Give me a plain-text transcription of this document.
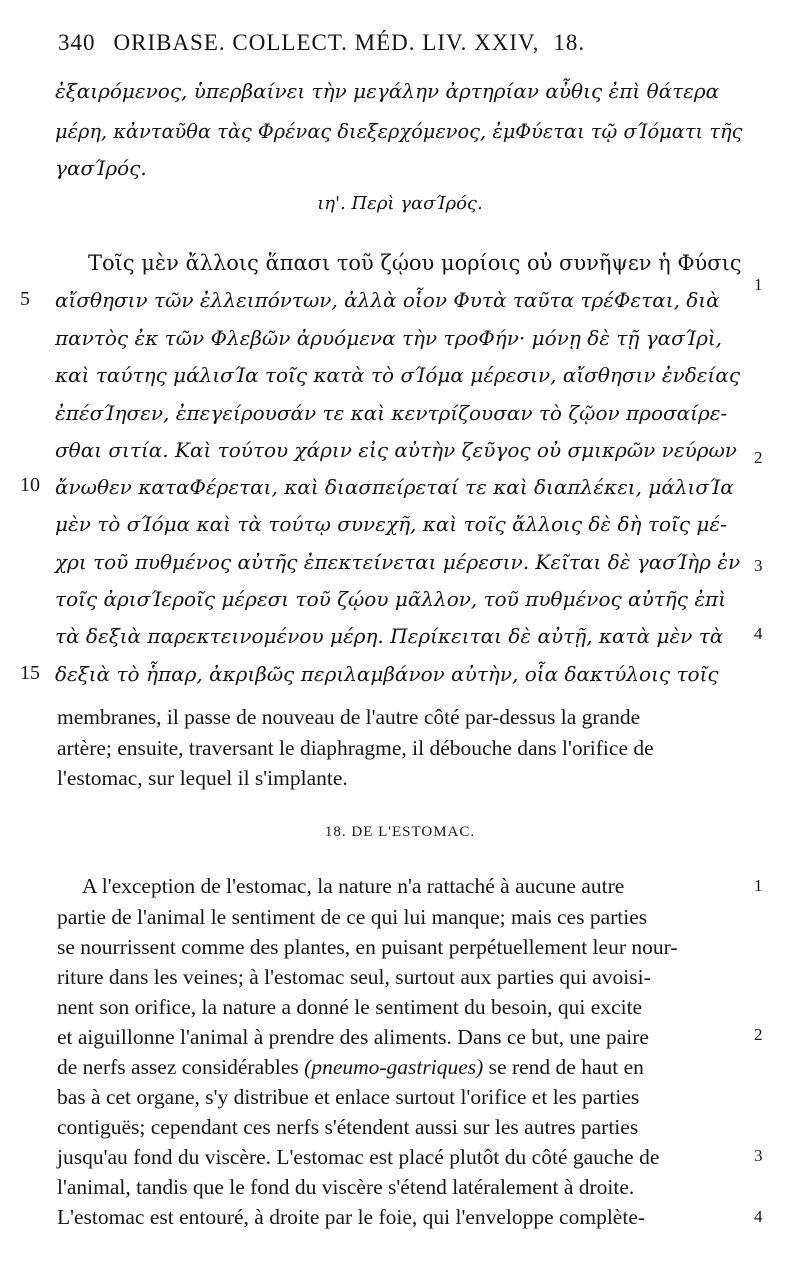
340 ORIBASE. COLLECT. MÉD. LIV. XXIV, 18.
ἐξαιρόμενος, ὑπερβαίνει τὴν μεγάλην ἀρτηρίαν αὖθις ἐπὶ θάτερα
μέρη, κἀνταῦθα τὰς Φρένας διεξερχόμενος, ἐμΦύεται τῷ σΊόματι τῆς
γασΊρός.
ιη'. Περὶ γασΊρός.
Τοῖς μὲν ἄλλοις ἅπασι τοῦ ζῴου μορίοις οὐ συνῆψεν ἡ Φύσις
αἴσθησιν τῶν ἐλλειπόντων, ἀλλὰ οἷον Φυτὰ ταῦτα τρέΦεται, διὰ
παντὸς ἐκ τῶν Φλεβῶν ἀρυόμενα τὴν τροΦήν· μόνῃ δὲ τῇ γασΊρὶ,
καὶ ταύτης μάλισΊα τοῖς κατὰ τὸ σΊόμα μέρεσιν, αἴσθησιν ἐνδείας
ἐπέσΊησεν, ἐπεγείρουσάν τε καὶ κεντρίζουσαν τὸ ζῷον προσαίρε-
σθαι σιτία. Καὶ τούτου χάριν εἰς αὐτὴν ζεῦγος οὐ σμικρῶν νεύρων
ἄνωθεν καταΦέρεται, καὶ διασπείρεταί τε καὶ διαπλέκει, μάλισΊα
μὲν τὸ σΊόμα καὶ τὰ τούτῳ συνεχῆ, καὶ τοῖς ἄλλοις δὲ δὴ τοῖς μέ-
χρι τοῦ πυθμένος αὐτῆς ἐπεκτείνεται μέρεσιν. Κεῖται δὲ γασΊὴρ ἐν
τοῖς ἀρισΊεροῖς μέρεσι τοῦ ζῴου μᾶλλον, τοῦ πυθμένος αὐτῆς ἐπὶ
τὰ δεξιὰ παρεκτεινομένου μέρη. Περίκειται δὲ αὐτῇ, κατὰ μὲν τὰ
δεξιὰ τὸ ἧπαρ, ἀκριβῶς περιλαμβάνον αὐτὴν, οἷα δακτύλοις τοῖς
5
10
15
1
2
3
4
membranes, il passe de nouveau de l'autre côté par-dessus la grande
artère; ensuite, traversant le diaphragme, il débouche dans l'orifice de
l'estomac, sur lequel il s'implante.
18. DE L'ESTOMAC.
A l'exception de l'estomac, la nature n'a rattaché à aucune autre
partie de l'animal le sentiment de ce qui lui manque; mais ces parties
se nourrissent comme des plantes, en puisant perpétuellement leur nour-
riture dans les veines; à l'estomac seul, surtout aux parties qui avoisi-
nent son orifice, la nature a donné le sentiment du besoin, qui excite
et aiguillonne l'animal à prendre des aliments. Dans ce but, une paire
de nerfs assez considérables (pneumo-gastriques) se rend de haut en
bas à cet organe, s'y distribue et enlace surtout l'orifice et les parties
contiguës; cependant ces nerfs s'étendent aussi sur les autres parties
jusqu'au fond du viscère. L'estomac est placé plutôt du côté gauche de
l'animal, tandis que le fond du viscère s'étend latéralement à droite.
L'estomac est entouré, à droite par le foie, qui l'enveloppe complète-
1
2
3
4
